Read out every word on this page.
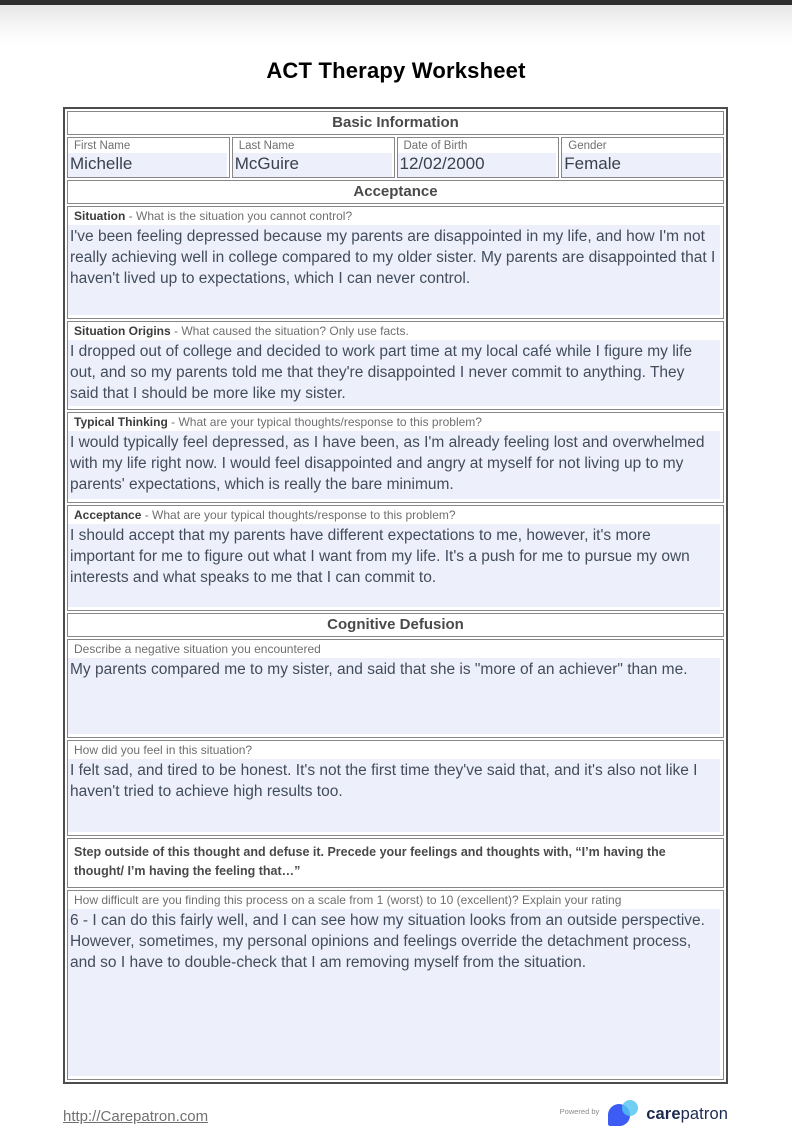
ACT Therapy Worksheet
Basic Information

First Name
Michelle

Last Name
McGuire

Date of Birth
12/02/2000

Gender
Female

Acceptance

Situation - What is the situation you cannot control?
I've been feeling depressed because my parents are disappointed in my life, and how I'm not really achieving well in college compared to my older sister. My parents are disappointed that I haven't lived up to expectations, which I can never control.

Situation Origins - What caused the situation? Only use facts.
I dropped out of college and decided to work part time at my local café while I figure my life out, and so my parents told me that they're disappointed I never commit to anything. They said that I should be more like my sister.

Typical Thinking - What are your typical thoughts/response to this problem?
I would typically feel depressed, as I have been, as I'm already feeling lost and overwhelmed with my life right now. I would feel disappointed and angry at myself for not living up to my parents' expectations, which is really the bare minimum.

Acceptance - What are your typical thoughts/response to this problem?
I should accept that my parents have different expectations to me, however, it's more important for me to figure out what I want from my life. It's a push for me to pursue my own interests and what speaks to me that I can commit to.

Cognitive Defusion

Describe a negative situation you encountered
My parents compared me to my sister, and said that she is "more of an achiever" than me.

How did you feel in this situation?
I felt sad, and tired to be honest. It's not the first time they've said that, and it's also not like I haven't tried to achieve high results too.

Step outside of this thought and defuse it. Precede your feelings and thoughts with, “I’m having the thought/ I’m having the feeling that…”

How difficult are you finding this process on a scale from 1 (worst) to 10 (excellent)? Explain your rating
6 - I can do this fairly well, and I can see how my situation looks from an outside perspective. However, sometimes, my personal opinions and feelings override the detachment process, and so I have to double-check that I am removing myself from the situation.
http://Carepatron.com	Powered by	carepatron
